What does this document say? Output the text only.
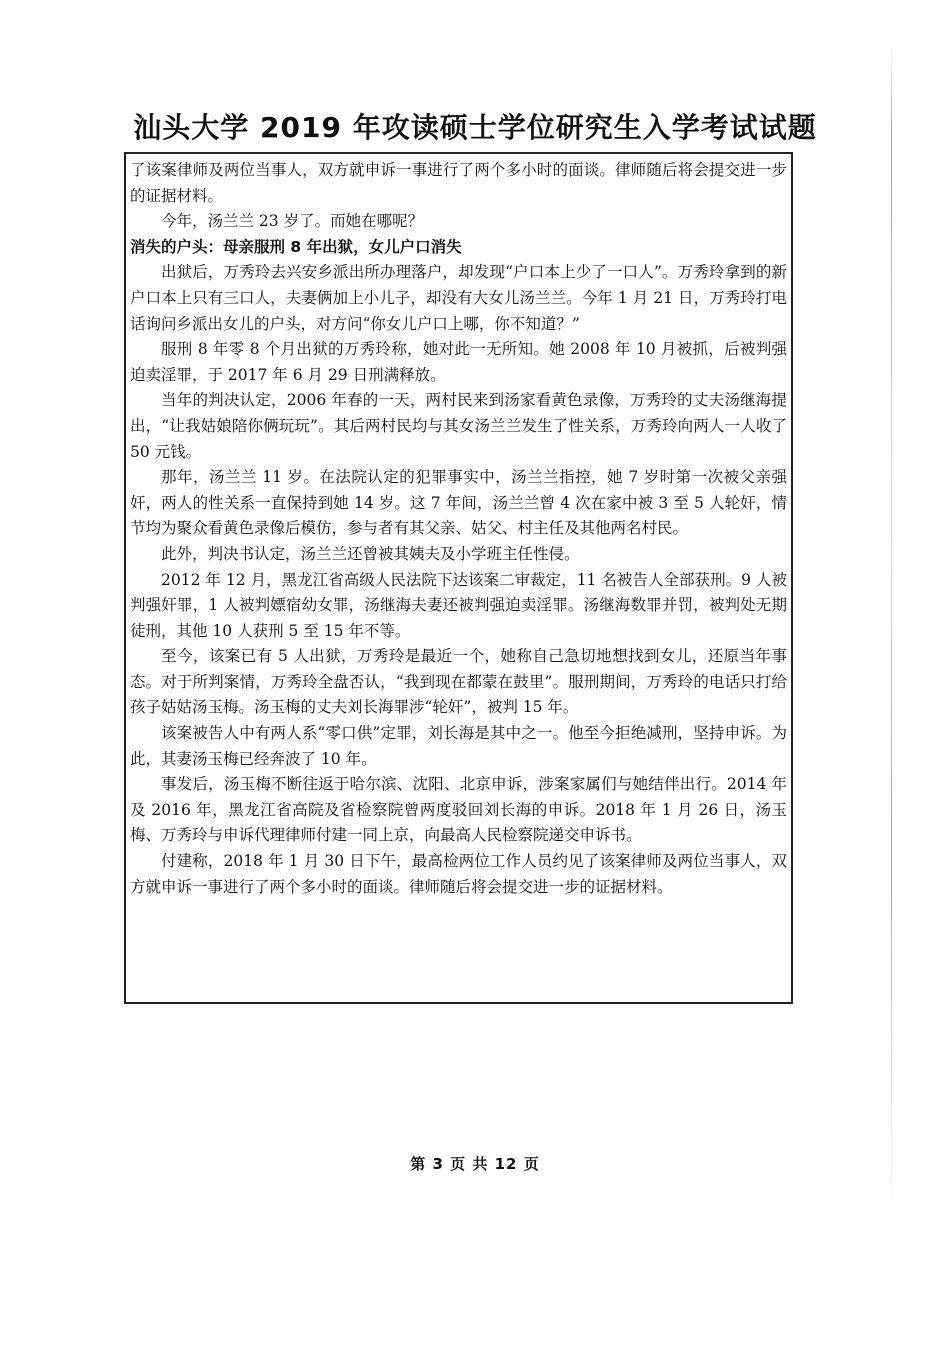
汕头大学 2019 年攻读硕士学位研究生入学考试试题

了该案律师及两位当事人，双方就申诉一事进行了两个多小时的面谈。律师随后将会提交进一步的证据材料。

今年，汤兰兰 23 岁了。而她在哪呢？

消失的户头：母亲服刑 8 年出狱，女儿户口消失

出狱后，万秀玲去兴安乡派出所办理落户，却发现“户口本上少了一口人”。万秀玲拿到的新户口本上只有三口人，夫妻俩加上小儿子，却没有大女儿汤兰兰。今年 1 月 21 日，万秀玲打电话询问乡派出女儿的户头，对方问“你女儿户口上哪，你不知道？”

服刑 8 年零 8 个月出狱的万秀玲称，她对此一无所知。她 2008 年 10 月被抓，后被判强迫卖淫罪，于 2017 年 6 月 29 日刑满释放。

当年的判决认定，2006 年春的一天，两村民来到汤家看黄色录像，万秀玲的丈夫汤继海提出，“让我姑娘陪你俩玩玩”。其后两村民均与其女汤兰兰发生了性关系，万秀玲向两人一人收了 50 元钱。

那年，汤兰兰 11 岁。在法院认定的犯罪事实中，汤兰兰指控，她 7 岁时第一次被父亲强奸，两人的性关系一直保持到她 14 岁。这 7 年间，汤兰兰曾 4 次在家中被 3 至 5 人轮奸，情节均为聚众看黄色录像后模仿，参与者有其父亲、姑父、村主任及其他两名村民。

此外，判决书认定，汤兰兰还曾被其姨夫及小学班主任性侵。

2012 年 12 月，黑龙江省高级人民法院下达该案二审裁定，11 名被告人全部获刑。9 人被判强奸罪，1 人被判嫖宿幼女罪，汤继海夫妻还被判强迫卖淫罪。汤继海数罪并罚，被判处无期徒刑，其他 10 人获刑 5 至 15 年不等。

至今，该案已有 5 人出狱，万秀玲是最近一个，她称自己急切地想找到女儿，还原当年事态。对于所判案情，万秀玲全盘否认，“我到现在都蒙在鼓里”。服刑期间，万秀玲的电话只打给孩子姑姑汤玉梅。汤玉梅的丈夫刘长海罪涉“轮奸”，被判 15 年。

该案被告人中有两人系“零口供”定罪，刘长海是其中之一。他至今拒绝减刑，坚持申诉。为此，其妻汤玉梅已经奔波了 10 年。

事发后，汤玉梅不断往返于哈尔滨、沈阳、北京申诉，涉案家属们与她结伴出行。2014 年及 2016 年，黑龙江省高院及省检察院曾两度驳回刘长海的申诉。2018 年 1 月 26 日，汤玉梅、万秀玲与申诉代理律师付建一同上京，向最高人民检察院递交申诉书。

付建称，2018 年 1 月 30 日下午，最高检两位工作人员约见了该案律师及两位当事人，双方就申诉一事进行了两个多小时的面谈。律师随后将会提交进一步的证据材料。

第 3 页 共 12 页
